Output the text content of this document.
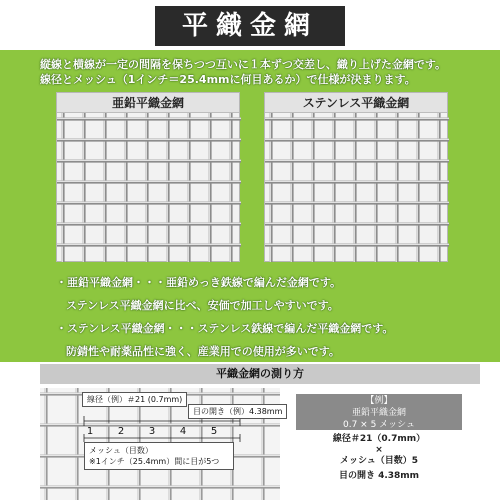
平織金網
縦線と横線が一定の間隔を保ちつつ互いに１本ずつ交差し、織り上げた金網です。
線径とメッシュ（1インチ＝25.4mmに何目あるか）で仕様が決まります。
亜鉛平織金網	ステンレス平織金網
・亜鉛平織金網・・・亜鉛めっき鉄線で編んだ金網です。
ステンレス平織金網に比べ、安価で加工しやすいです。
・ステンレス平織金網・・・ステンレス鉄線で編んだ平織金網です。
防錆性や耐薬品性に強く、産業用での使用が多いです。
平織金網の測り方
線径（例）＃21 (0.7mm)
目の開き（例）4.38mm
1 2 3 4 5
メッシュ（目数）
※1インチ（25.4mm）間に目が5つ
【例】
亜鉛平織金網
0.7 × 5 メッシュ
線径＃21（0.7mm）
×
メッシュ（目数）5
目の開き 4.38mm
